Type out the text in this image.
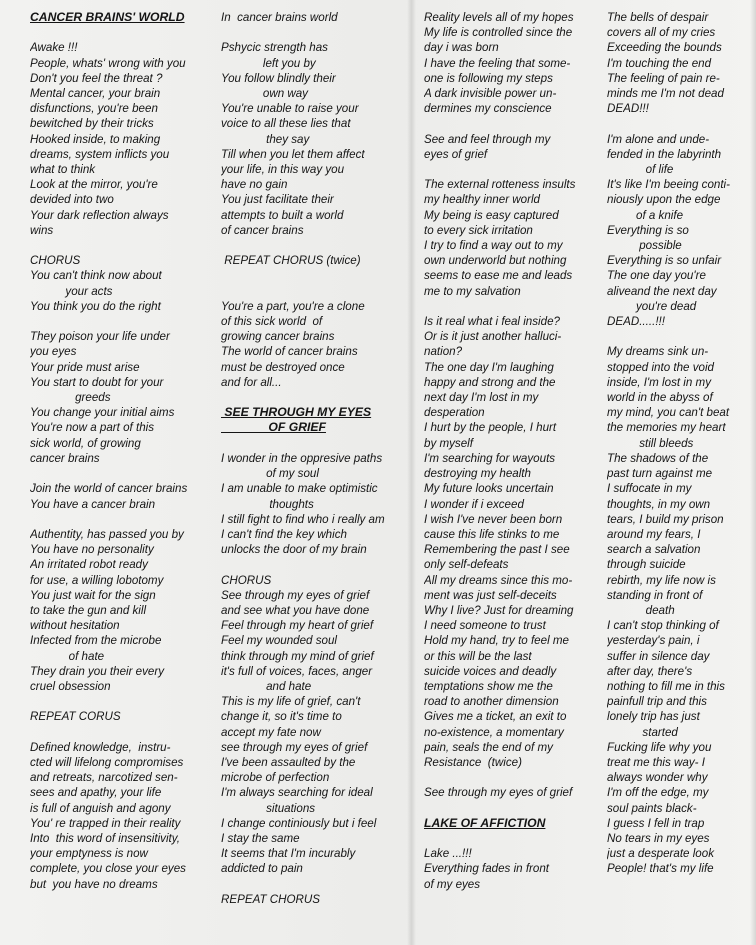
CANCER BRAINS' WORLD

Awake !!!
People, whats' wrong with you
Don't you feel the threat ?
Mental cancer, your brain
disfunctions, you're been
bewitched by their tricks
Hooked inside, to making
dreams, system inflicts you
what to think
Look at the mirror, you're
devided into two
Your dark reflection always
wins

CHORUS
You can't think now about
your acts
You think you do the right

They poison your life under
you eyes
Your pride must arise
You start to doubt for your
greeds
You change your initial aims
You're now a part of this
sick world, of growing
cancer brains

Join the world of cancer brains
You have a cancer brain

Authentity, has passed you by
You have no personality
An irritated robot ready
for use, a willing lobotomy
You just wait for the sign
to take the gun and kill
without hesitation
Infected from the microbe
of hate
They drain you their every
cruel obsession

REPEAT CORUS

Defined knowledge,  instru-
cted will lifelong compromises
and retreats, narcotized sen-
sees and apathy, your life
is full of anguish and agony
You' re trapped in their reality
Into  this word of insensitivity,
your emptyness is now
complete, you close your eyes
but  you have no dreams
In  cancer brains world

Pshycic strength has
left you by
You follow blindly their
own way
You're unable to raise your
voice to all these lies that
they say
Till when you let them affect
your life, in this way you
have no gain
You just facilitate their
attempts to built a world
of cancer brains

REPEAT CHORUS (twice)

You're a part, you're a clone
of this sick world  of
growing cancer brains
The world of cancer brains
must be destroyed once
and for all...

SEE THROUGH MY EYES
OF GRIEF

I wonder in the oppresive paths
of my soul
I am unable to make optimistic
thoughts
I still fight to find who i really am
I can't find the key which
unlocks the door of my brain

CHORUS
See through my eyes of grief
and see what you have done
Feel through my heart of grief
Feel my wounded soul
think through my mind of grief
it's full of voices, faces, anger
and hate
This is my life of grief, can't
change it, so it's time to
accept my fate now
see through my eyes of grief
I've been assaulted by the
microbe of perfection
I'm always searching for ideal
situations
I change continiously but i feel
I stay the same
It seems that I'm incurably
addicted to pain

REPEAT CHORUS
Reality levels all of my hopes
My life is controlled since the
day i was born
I have the feeling that some-
one is following my steps
A dark invisible power un-
dermines my conscience

See and feel through my
eyes of grief

The external rotteness insults
my healthy inner world
My being is easy captured
to every sick irritation
I try to find a way out to my
own underworld but nothing
seems to ease me and leads
me to my salvation

Is it real what i feal inside?
Or is it just another halluci-
nation?
The one day I'm laughing
happy and strong and the
next day I'm lost in my
desperation
I hurt by the people, I hurt
by myself
I'm searching for wayouts
destroying my health
My future looks uncertain
I wonder if i exceed
I wish I've never been born
cause this life stinks to me
Remembering the past I see
only self-defeats
All my dreams since this mo-
ment was just self-deceits
Why I live? Just for dreaming
I need someone to trust
Hold my hand, try to feel me
or this will be the last
suicide voices and deadly
temptations show me the
road to another dimension
Gives me a ticket, an exit to
no-existence, a momentary
pain, seals the end of my
Resistance  (twice)

See through my eyes of grief

LAKE OF AFFICTION

Lake ...!!!
Everything fades in front
of my eyes
The bells of despair
covers all of my cries
Exceeding the bounds
I'm touching the end
The feeling of pain re-
minds me I'm not dead
DEAD!!!

I'm alone and unde-
fended in the labyrinth
of life
It's like I'm beeing conti-
niously upon the edge
of a knife
Everything is so
possible
Everything is so unfair
The one day you're
aliveand the next day
you're dead
DEAD.....!!!

My dreams sink un-
stopped into the void
inside, I'm lost in my
world in the abyss of
my mind, you can't beat
the memories my heart
still bleeds
The shadows of the
past turn against me
I suffocate in my
thoughts, in my own
tears, I build my prison
around my fears, I
search a salvation
through suicide
rebirth, my life now is
standing in front of
death
I can't stop thinking of
yesterday's pain, i
suffer in silence day
after day, there's
nothing to fill me in this
painfull trip and this
lonely trip has just
started
Fucking life why you
treat me this way- I
always wonder why
I'm off the edge, my
soul paints black-
I guess I fell in trap
No tears in my eyes
just a desperate look
People! that's my life
